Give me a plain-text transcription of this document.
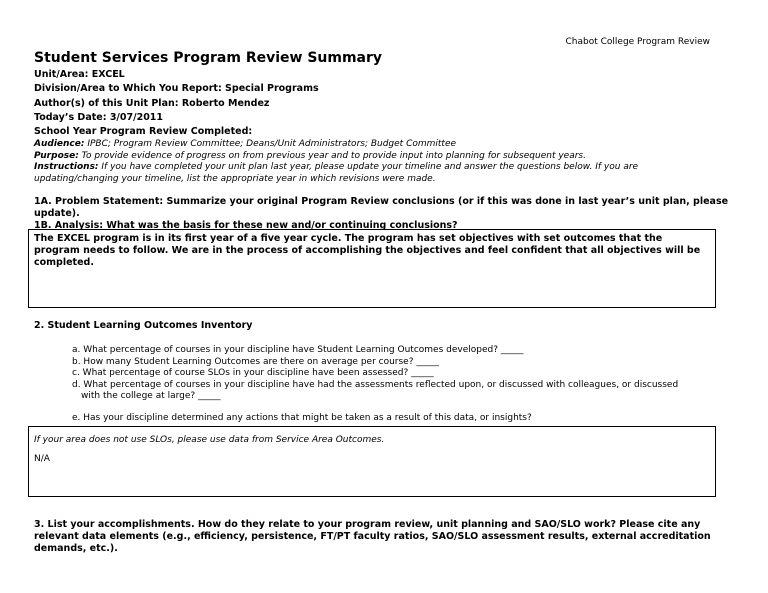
Chabot College Program Review
Student Services Program Review Summary
Unit/Area: EXCEL
Division/Area to Which You Report: Special Programs
Author(s) of this Unit Plan: Roberto Mendez
Today’s Date: 3/07/2011
School Year Program Review Completed:
Audience: IPBC; Program Review Committee; Deans/Unit Administrators; Budget Committee
Purpose: To provide evidence of progress on from previous year and to provide input into planning for subsequent years.
Instructions: If you have completed your unit plan last year, please update your timeline and answer the questions below. If you are updating/changing your timeline, list the appropriate year in which revisions were made.
1A. Problem Statement: Summarize your original Program Review conclusions (or if this was done in last year’s unit plan, please update).
1B. Analysis: What was the basis for these new and/or continuing conclusions?

The EXCEL program is in its first year of a five year cycle. The program has set objectives with set outcomes that the program needs to follow. We are in the process of accomplishing the objectives and feel confident that all objectives will be completed.

2. Student Learning Outcomes Inventory
a. What percentage of courses in your discipline have Student Learning Outcomes developed? _____
b. How many Student Learning Outcomes are there on average per course? _____
c. What percentage of course SLOs in your discipline have been assessed? _____
d. What percentage of courses in your discipline have had the assessments reflected upon, or discussed with colleagues, or discussed with the college at large? _____
e. Has your discipline determined any actions that might be taken as a result of this data, or insights?

If your area does not use SLOs, please use data from Service Area Outcomes.

N/A

3. List your accomplishments. How do they relate to your program review, unit planning and SAO/SLO work? Please cite any relevant data elements (e.g., efficiency, persistence, FT/PT faculty ratios, SAO/SLO assessment results, external accreditation demands, etc.).
